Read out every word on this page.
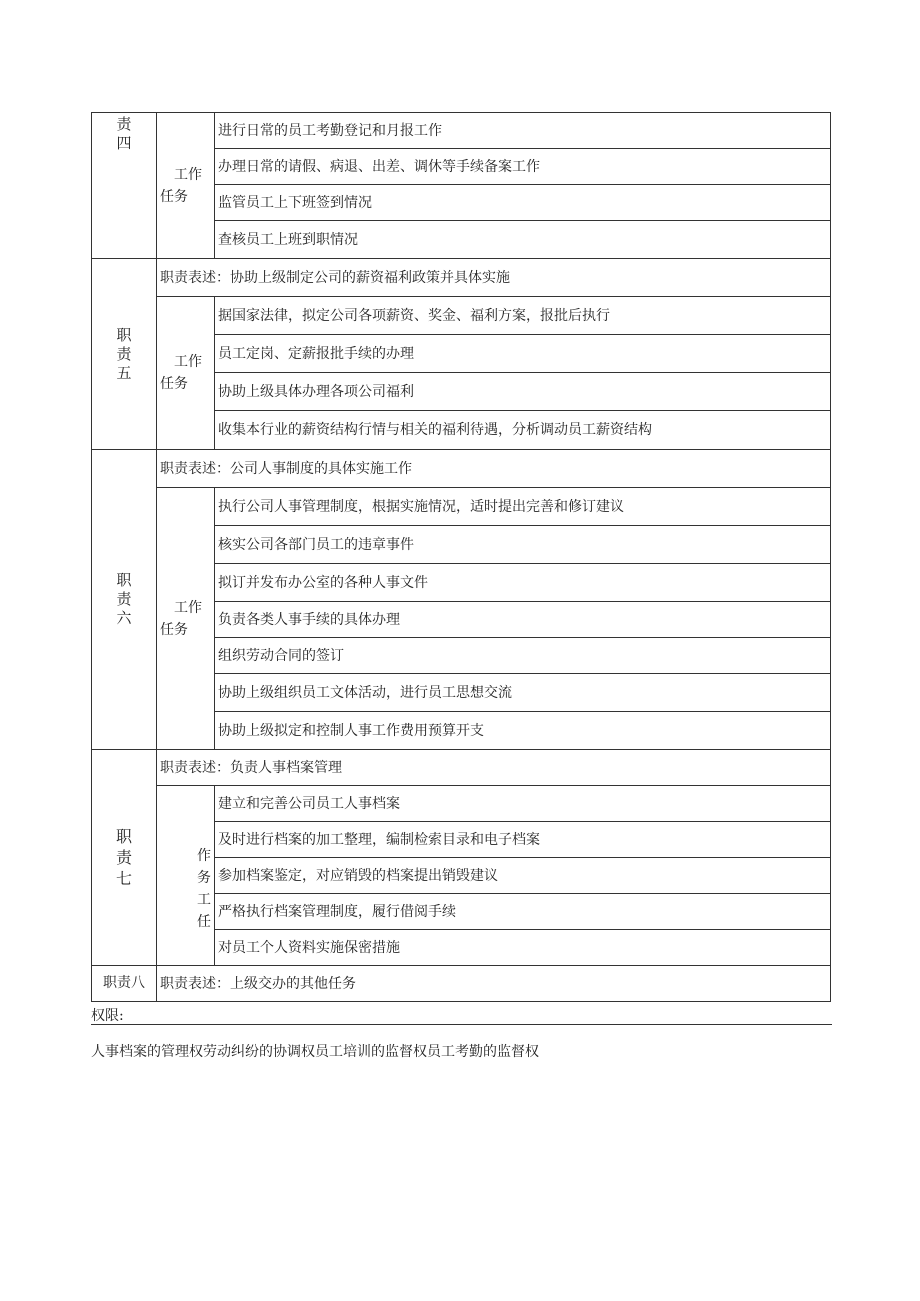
责
四	工作
任务	进行日常的员工考勤登记和月报工作
		办理日常的请假、病退、出差、调休等手续备案工作
		监管员工上下班签到情况
		查核员工上班到职情况

职
责
五	职责表述：协助上级制定公司的薪资福利政策并具体实施	

	工作
任务	据国家法律，拟定公司各项薪资、奖金、福利方案，报批后执行
		员工定岗、定薪报批手续的办理
		协助上级具体办理各项公司福利
		收集本行业的薪资结构行情与相关的福利待遇，分析调动员工薪资结构

职
责
六	职责表述：公司人事制度的具体实施工作	

	工作
任务	执行公司人事管理制度，根据实施情况，适时提出完善和修订建议
		核实公司各部门员工的违章事件
		拟订并发布办公室的各种人事文件
		负责各类人事手续的具体办理
		组织劳动合同的签订
		协助上级组织员工文体活动，进行员工思想交流
		协助上级拟定和控制人事工作费用预算开支

职
责
七	职责表述：负责人事档案管理	

	作
务
工
任	建立和完善公司员工人事档案
		及时进行档案的加工整理，编制检索目录和电子档案
		参加档案鉴定，对应销毁的档案提出销毁建议
		严格执行档案管理制度，履行借阅手续
		对员工个人资料实施保密措施
职责八	职责表述：上级交办的其他任务	
权限:
人事档案的管理权劳动纠纷的协调权员工培训的监督权员工考勤的监督权
